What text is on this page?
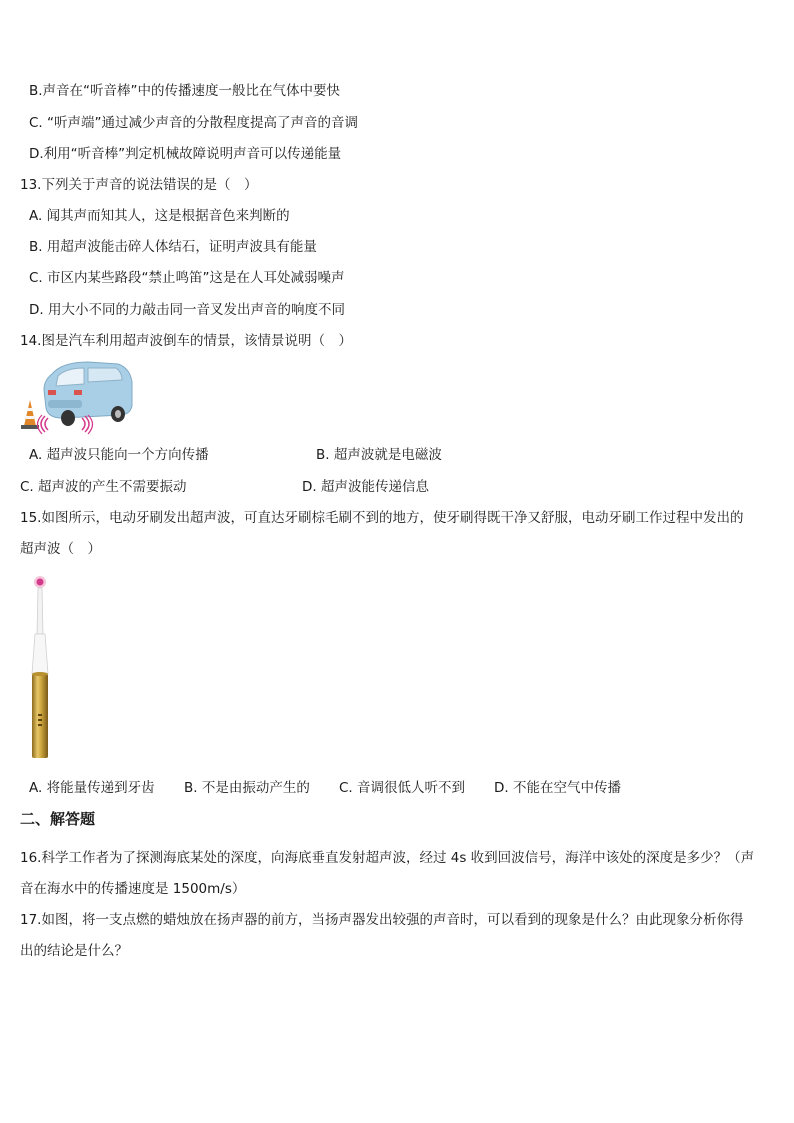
B.声音在“听音棒”中的传播速度一般比在气体中要快
C. “听声端”通过减少声音的分散程度提高了声音的音调
D.利用“听音棒”判定机械故障说明声音可以传递能量
13.下列关于声音的说法错误的是（　）
A. 闻其声而知其人，这是根据音色来判断的
B. 用超声波能击碎人体结石，证明声波具有能量
C. 市区内某些路段“禁止鸣笛”这是在人耳处减弱噪声
D. 用大小不同的力敲击同一音叉发出声音的响度不同
14.图是汽车利用超声波倒车的情景，该情景说明（　）
A. 超声波只能向一个方向传播	B. 超声波就是电磁波
C. 超声波的产生不需要振动	D. 超声波能传递信息
15.如图所示，电动牙刷发出超声波，可直达牙刷棕毛刷不到的地方，使牙刷得既干净又舒服，电动牙刷工作过程中发出的
超声波（　）
A. 将能量传递到牙齿 B. 不是由振动产生的 C. 音调很低人听不到 D. 不能在空气中传播
二、解答题
16.科学工作者为了探测海底某处的深度，向海底垂直发射超声波，经过 4s 收到回波信号，海洋中该处的深度是多少？（声
音在海水中的传播速度是 1500m/s）
17.如图，将一支点燃的蜡烛放在扬声器的前方，当扬声器发出较强的声音时，可以看到的现象是什么？由此现象分析你得
出的结论是什么？
